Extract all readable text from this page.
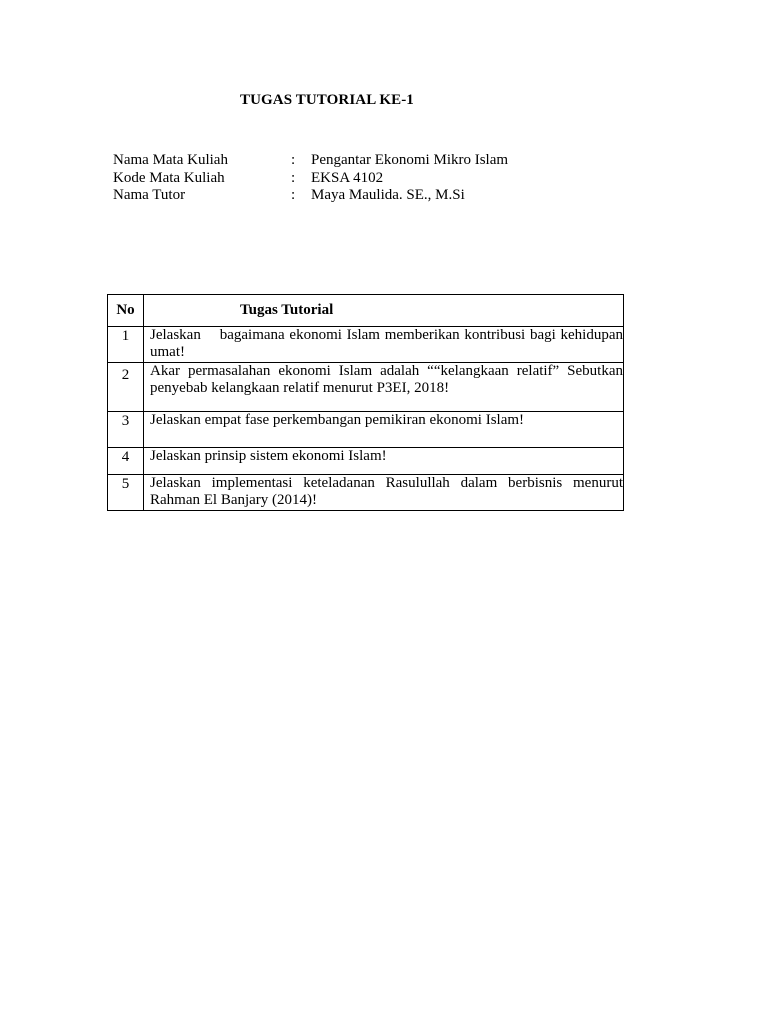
TUGAS TUTORIAL KE-1
Nama Mata Kuliah	: Pengantar Ekonomi Mikro Islam
Kode Mata Kuliah	: EKSA 4102
Nama Tutor	: Maya Maulida. SE., M.Si
No	Tugas Tutorial
1	Jelaskan    bagaimana ekonomi Islam memberikan kontribusi bagi kehidupan umat!
2	Akar permasalahan ekonomi Islam adalah ““kelangkaan relatif” Sebutkan penyebab kelangkaan relatif menurut P3EI, 2018!
3	Jelaskan empat fase perkembangan pemikiran ekonomi Islam!
4	Jelaskan prinsip sistem ekonomi Islam!
5	Jelaskan implementasi keteladanan Rasulullah dalam berbisnis menurut Rahman El Banjary (2014)!
